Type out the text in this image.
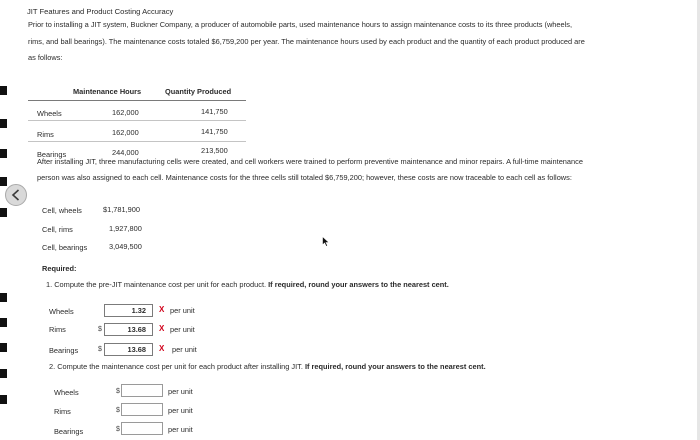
JIT Features and Product Costing Accuracy
Prior to installing a JIT system, Buckner Company, a producer of automobile parts, used maintenance hours to assign maintenance costs to its three products (wheels,
rims, and ball bearings). The maintenance costs totaled $6,759,200 per year. The maintenance hours used by each product and the quantity of each product produced are
as follows:
Maintenance Hours	Quantity Produced
Wheels	162,000	141,750
Rims	162,000	141,750
Bearings	244,000	213,500
After installing JIT, three manufacturing cells were created, and cell workers were trained to perform preventive maintenance and minor repairs. A full-time maintenance
person was also assigned to each cell. Maintenance costs for the three cells still totaled $6,759,200; however, these costs are now traceable to each cell as follows:
Cell, wheels	$1,781,900
Cell, rims	1,927,800
Cell, bearings	3,049,500
Required:
1. Compute the pre-JIT maintenance cost per unit for each product. If required, round your answers to the nearest cent.
Wheels	1.32	X per unit
Rims	$	13.68	X per unit
Bearings	$	13.68	X per unit
2. Compute the maintenance cost per unit for each product after installing JIT. If required, round your answers to the nearest cent.
Wheels	$	per unit
Rims	$	per unit
Bearings	$	per unit
